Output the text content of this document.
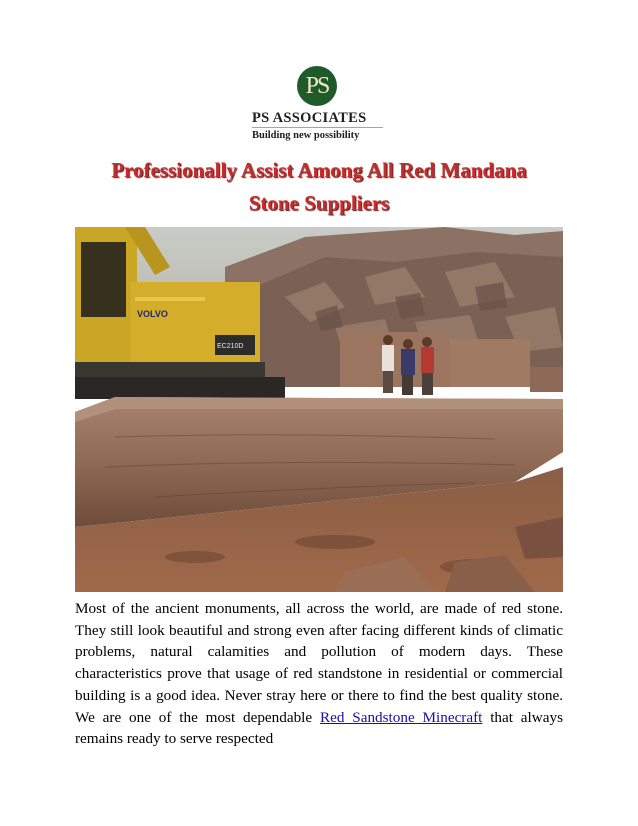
PS
PS ASSOCIATES
Building new possibility
Professionally Assist Among All Red Mandana
Stone Suppliers
VOLVO
EC210D

Most of the ancient monuments, all across the world, are made of red stone. They still look beautiful and strong even after facing different kinds of climatic problems, natural calamities and pollution of modern days. These characteristics prove that usage of red standstone in residential or commercial building is a good idea. Never stray here or there to find the best quality stone. We are one of the most dependable Red Sandstone Minecraft that always remains ready to serve respected
